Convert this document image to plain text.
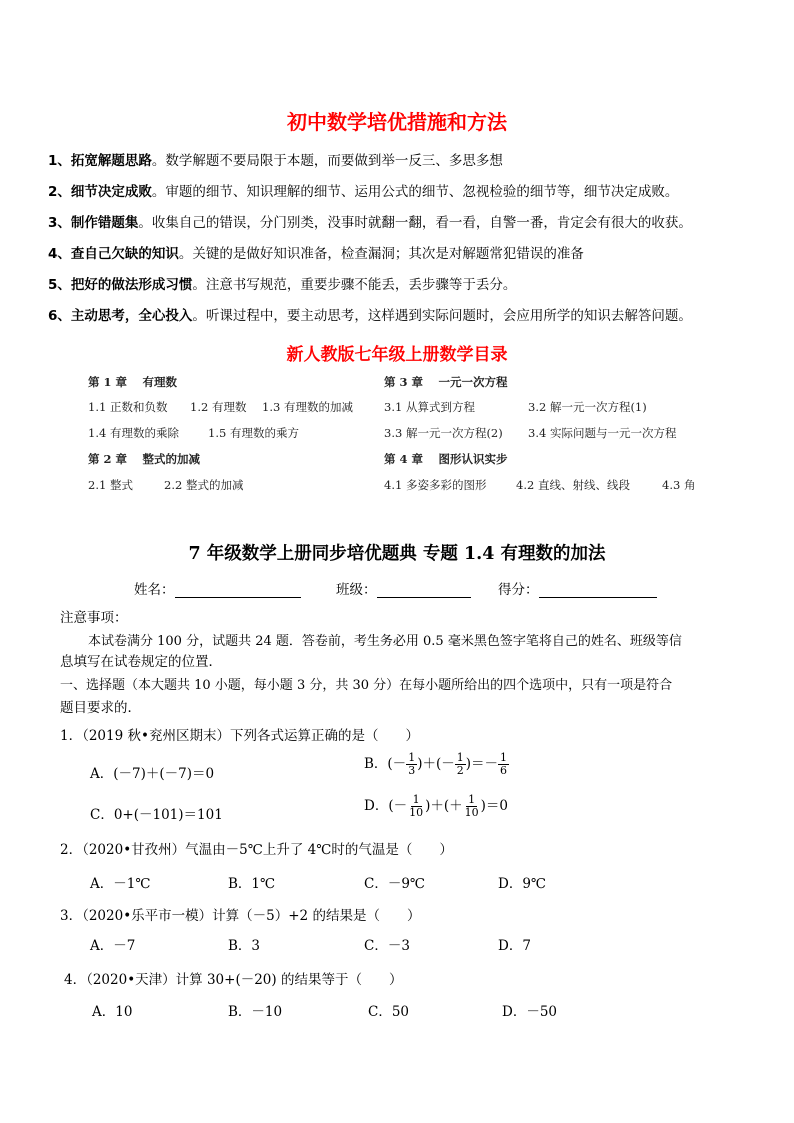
初中数学培优措施和方法
1、拓宽解题思路。数学解题不要局限于本题，而要做到举一反三、多思多想
2、细节决定成败。审题的细节、知识理解的细节、运用公式的细节、忽视检验的细节等，细节决定成败。
3、制作错题集。收集自己的错误，分门别类，没事时就翻一翻，看一看，自警一番，肯定会有很大的收获。
4、查自己欠缺的知识。关键的是做好知识准备，检查漏洞；其次是对解题常犯错误的准备
5、把好的做法形成习惯。注意书写规范，重要步骤不能丢，丢步骤等于丢分。
6、主动思考，全心投入。听课过程中，要主动思考，这样遇到实际问题时，会应用所学的知识去解答问题。
新人教版七年级上册数学目录
第 1 章　 有理数
1.1 正数和负数 1.2 有理数 1.3 有理数的加减
1.4 有理数的乘除	1.5 有理数的乘方
第 2 章　 整式的加减
2.1 整式	2.2 整式的加减
第 3 章　 一元一次方程
3.1 从算式到方程	3.2 解一元一次方程(1)
3.3 解一元一次方程(2) 3.4 实际问题与一元一次方程
第 4 章　 图形认识实步
4.1 多姿多彩的图形	4.2 直线、射线、线段	4.3 角
7 年级数学上册同步培优题典 专题 1.4 有理数的加法
姓名：	班级：	得分：
注意事项：
本试卷满分 100 分，试题共 24 题．答卷前，考生务必用 0.5 毫米黑色签字笔将自己的姓名、班级等信
息填写在试卷规定的位置．
一、选择题（本大题共 10 小题，每小题 3 分，共 30 分）在每小题所给出的四个选项中，只有一项是符合
题目要求的．
1．（2019 秋•兖州区期末）下列各式运算正确的是（　　）
A．(－7)＋(－7)＝0
B．(－ $\frac{1}{3}$ )＋(－ $\frac{1}{2}$ )＝－ $\frac{1}{6}$
C．0+(－101)＝101
D．(－ $\frac{1}{10}$ )＋(＋ $\frac{1}{10} )=0$
2．（2020•甘孜州）气温由－5℃上升了 4℃时的气温是（　　）
A．－1℃	B．1℃	C．－9℃	D．9℃
3．（2020•乐平市一模）计算（－5）+2 的结果是（　　）
A．－7	B．3	C．－3	D．7
4．（2020•天津）计算 30+(－20) 的结果等于（　　）
A．10	B．－10	C．50	D．－50
